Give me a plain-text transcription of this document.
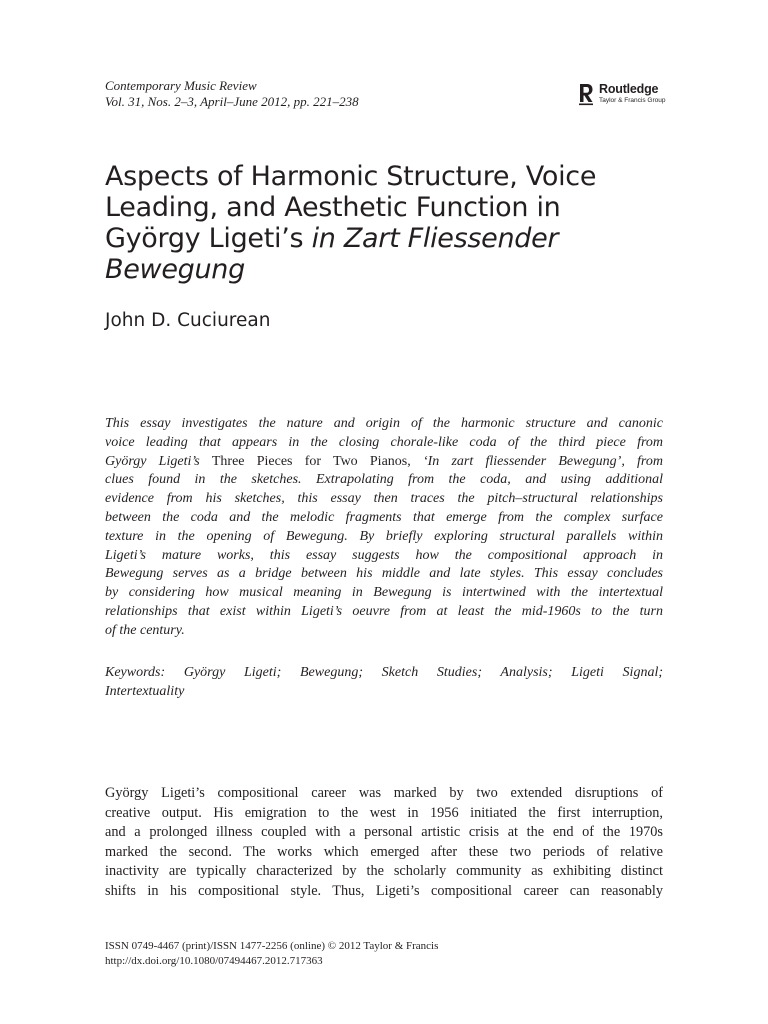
Contemporary Music Review
Vol. 31, Nos. 2–3, April–June 2012, pp. 221–238
Routledge
Taylor & Francis Group
Aspects of Harmonic Structure, Voice
Leading, and Aesthetic Function in
György Ligeti’s in Zart Fliessender
Bewegung
John D. Cuciurean
This essay investigates the nature and origin of the harmonic structure and canonic
voice leading that appears in the closing chorale-like coda of the third piece from
György Ligeti’s Three Pieces for Two Pianos, ‘In zart fliessender Bewegung’, from
clues found in the sketches. Extrapolating from the coda, and using additional
evidence from his sketches, this essay then traces the pitch–structural relationships
between the coda and the melodic fragments that emerge from the complex surface
texture in the opening of Bewegung. By briefly exploring structural parallels within
Ligeti’s mature works, this essay suggests how the compositional approach in
Bewegung serves as a bridge between his middle and late styles. This essay concludes
by considering how musical meaning in Bewegung is intertwined with the intertextual
relationships that exist within Ligeti’s oeuvre from at least the mid-1960s to the turn
of the century.
Keywords: György Ligeti; Bewegung; Sketch Studies; Analysis; Ligeti Signal;
Intertextuality
György Ligeti’s compositional career was marked by two extended disruptions of
creative output. His emigration to the west in 1956 initiated the first interruption,
and a prolonged illness coupled with a personal artistic crisis at the end of the 1970s
marked the second. The works which emerged after these two periods of relative
inactivity are typically characterized by the scholarly community as exhibiting distinct
shifts in his compositional style. Thus, Ligeti’s compositional career can reasonably
ISSN 0749-4467 (print)/ISSN 1477-2256 (online) © 2012 Taylor & Francis
http://dx.doi.org/10.1080/07494467.2012.717363
